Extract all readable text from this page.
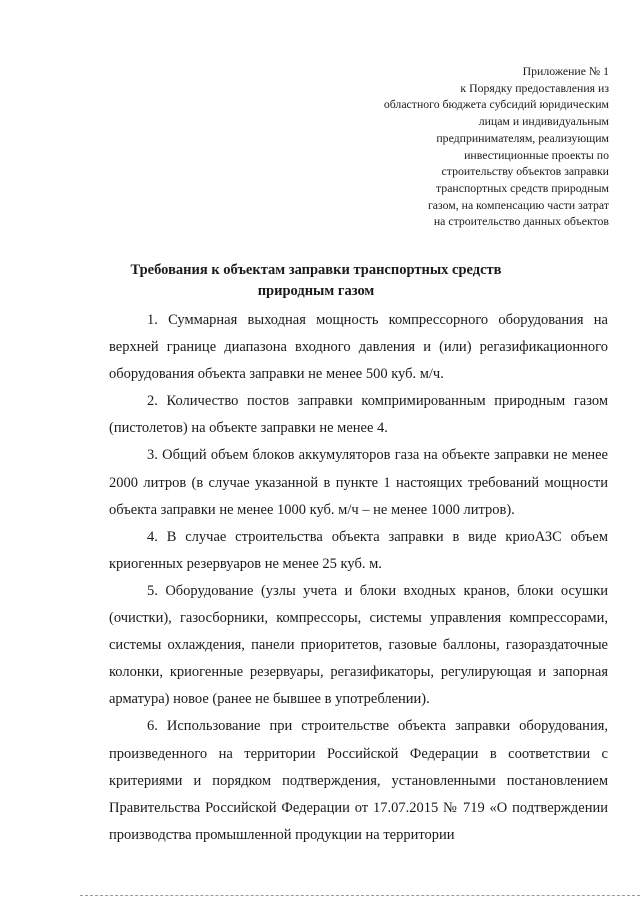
Приложение № 1
к Порядку предоставления из
областного бюджета субсидий юридическим
лицам и индивидуальным
предпринимателям, реализующим
инвестиционные проекты по
строительству объектов заправки
транспортных средств природным
газом, на компенсацию части затрат
на строительство данных объектов
Требования к объектам заправки транспортных средств
природным газом

1. Суммарная выходная мощность компрессорного оборудования на верхней границе диапазона входного давления и (или) регазификационного оборудования объекта заправки не менее 500 куб. м/ч.

2. Количество постов заправки компримированным природным газом (пистолетов) на объекте заправки не менее 4.

3. Общий объем блоков аккумуляторов газа на объекте заправки не менее 2000 литров (в случае указанной в пункте 1 настоящих требований мощности объекта заправки не менее 1000 куб. м/ч – не менее 1000 литров).

4. В случае строительства объекта заправки в виде криоАЗС объем криогенных резервуаров не менее 25 куб. м.

5. Оборудование (узлы учета и блоки входных кранов, блоки осушки (очистки), газосборники, компрессоры, системы управления компрессорами, системы охлаждения, панели приоритетов, газовые баллоны, газораздаточные колонки, криогенные резервуары, регазификаторы, регулирующая и запорная арматура) новое (ранее не бывшее в употреблении).

6. Использование при строительстве объекта заправки оборудования, произведенного на территории Российской Федерации в соответствии с критериями и порядком подтверждения, установленными постановлением Правительства Российской Федерации от 17.07.2015 № 719 «О подтверждении производства промышленной продукции на территории
